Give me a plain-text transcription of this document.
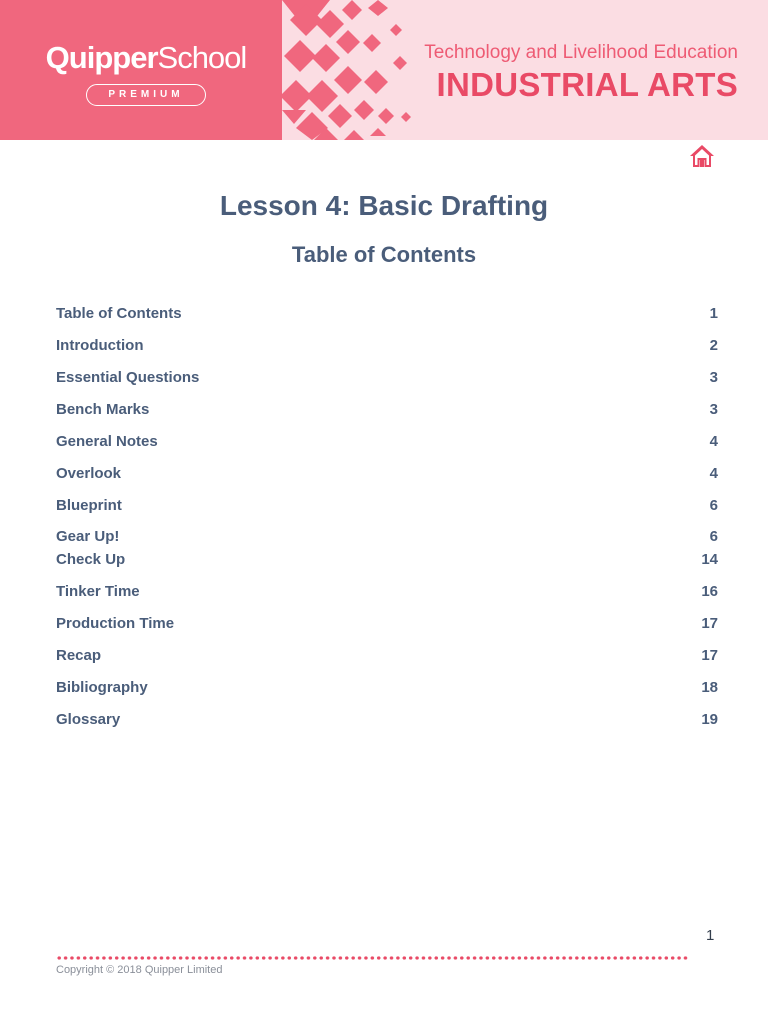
QuipperSchool
PREMIUM
Technology and Livelihood Education
INDUSTRIAL ARTS
Lesson 4: Basic Drafting
Table of Contents
Table of Contents	1
Introduction	2
Essential Questions	3
Bench Marks	3
General Notes	4
Overlook	4
Blueprint	6
Gear Up!	6
Check Up	14
Tinker Time	16
Production Time	17
Recap	17
Bibliography	18
Glossary	19
1
Copyright © 2018 Quipper Limited
